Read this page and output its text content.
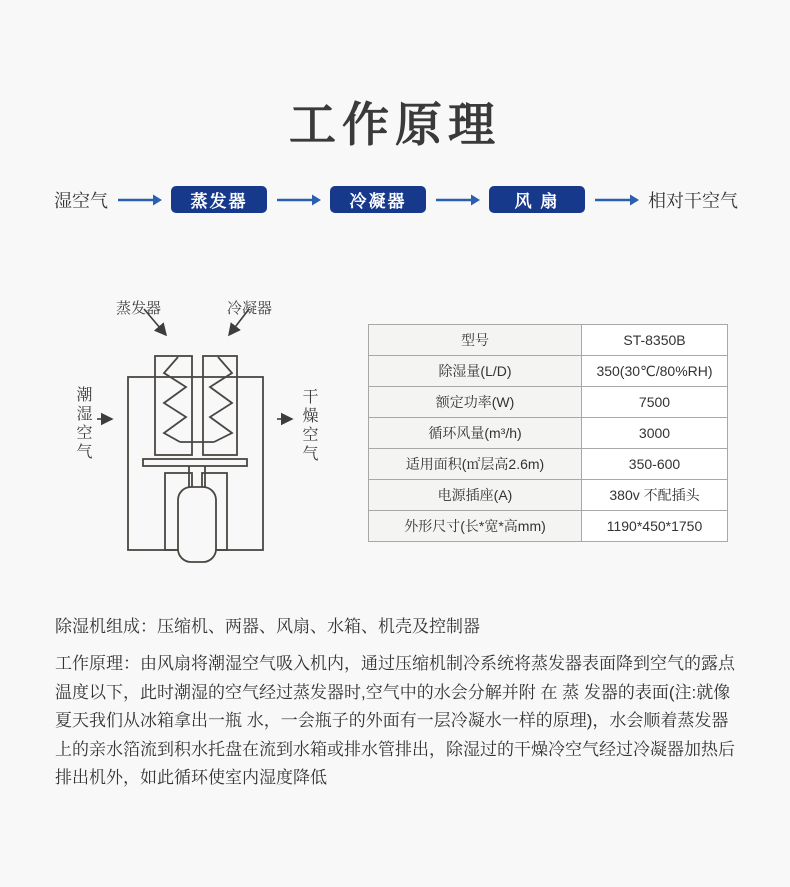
工作原理
湿空气	蒸发器	冷凝器	风 扇	相对干空气
蒸发器	冷凝器
潮湿空气	干燥空气
型号	ST-8350B
除湿量(L/D)	350(30℃/80%RH)
额定功率(W)	7500
循环风量(m³/h)	3000
适用面积(㎡层高2.6m)	350-600
电源插座(A)	380v 不配插头
外形尺寸(长*宽*高mm)	1190*450*1750

除湿机组成：压缩机、两器、风扇、水箱、机壳及控制器

工作原理：由风扇将潮湿空气吸入机内，通过压缩机制冷系统将蒸发器表面降到空气的露点温度以下，此时潮湿的空气经过蒸发器时,空气中的水会分解并附 在 蒸 发器的表面(注:就像夏天我们从冰箱拿出一瓶 水，一会瓶子的外面有一层冷凝水一样的原理)，水会顺着蒸发器上的亲水箔流到积水托盘在流到水箱或排水管排出，除湿过的干燥冷空气经过冷凝器加热后排出机外，如此循环使室内湿度降低
